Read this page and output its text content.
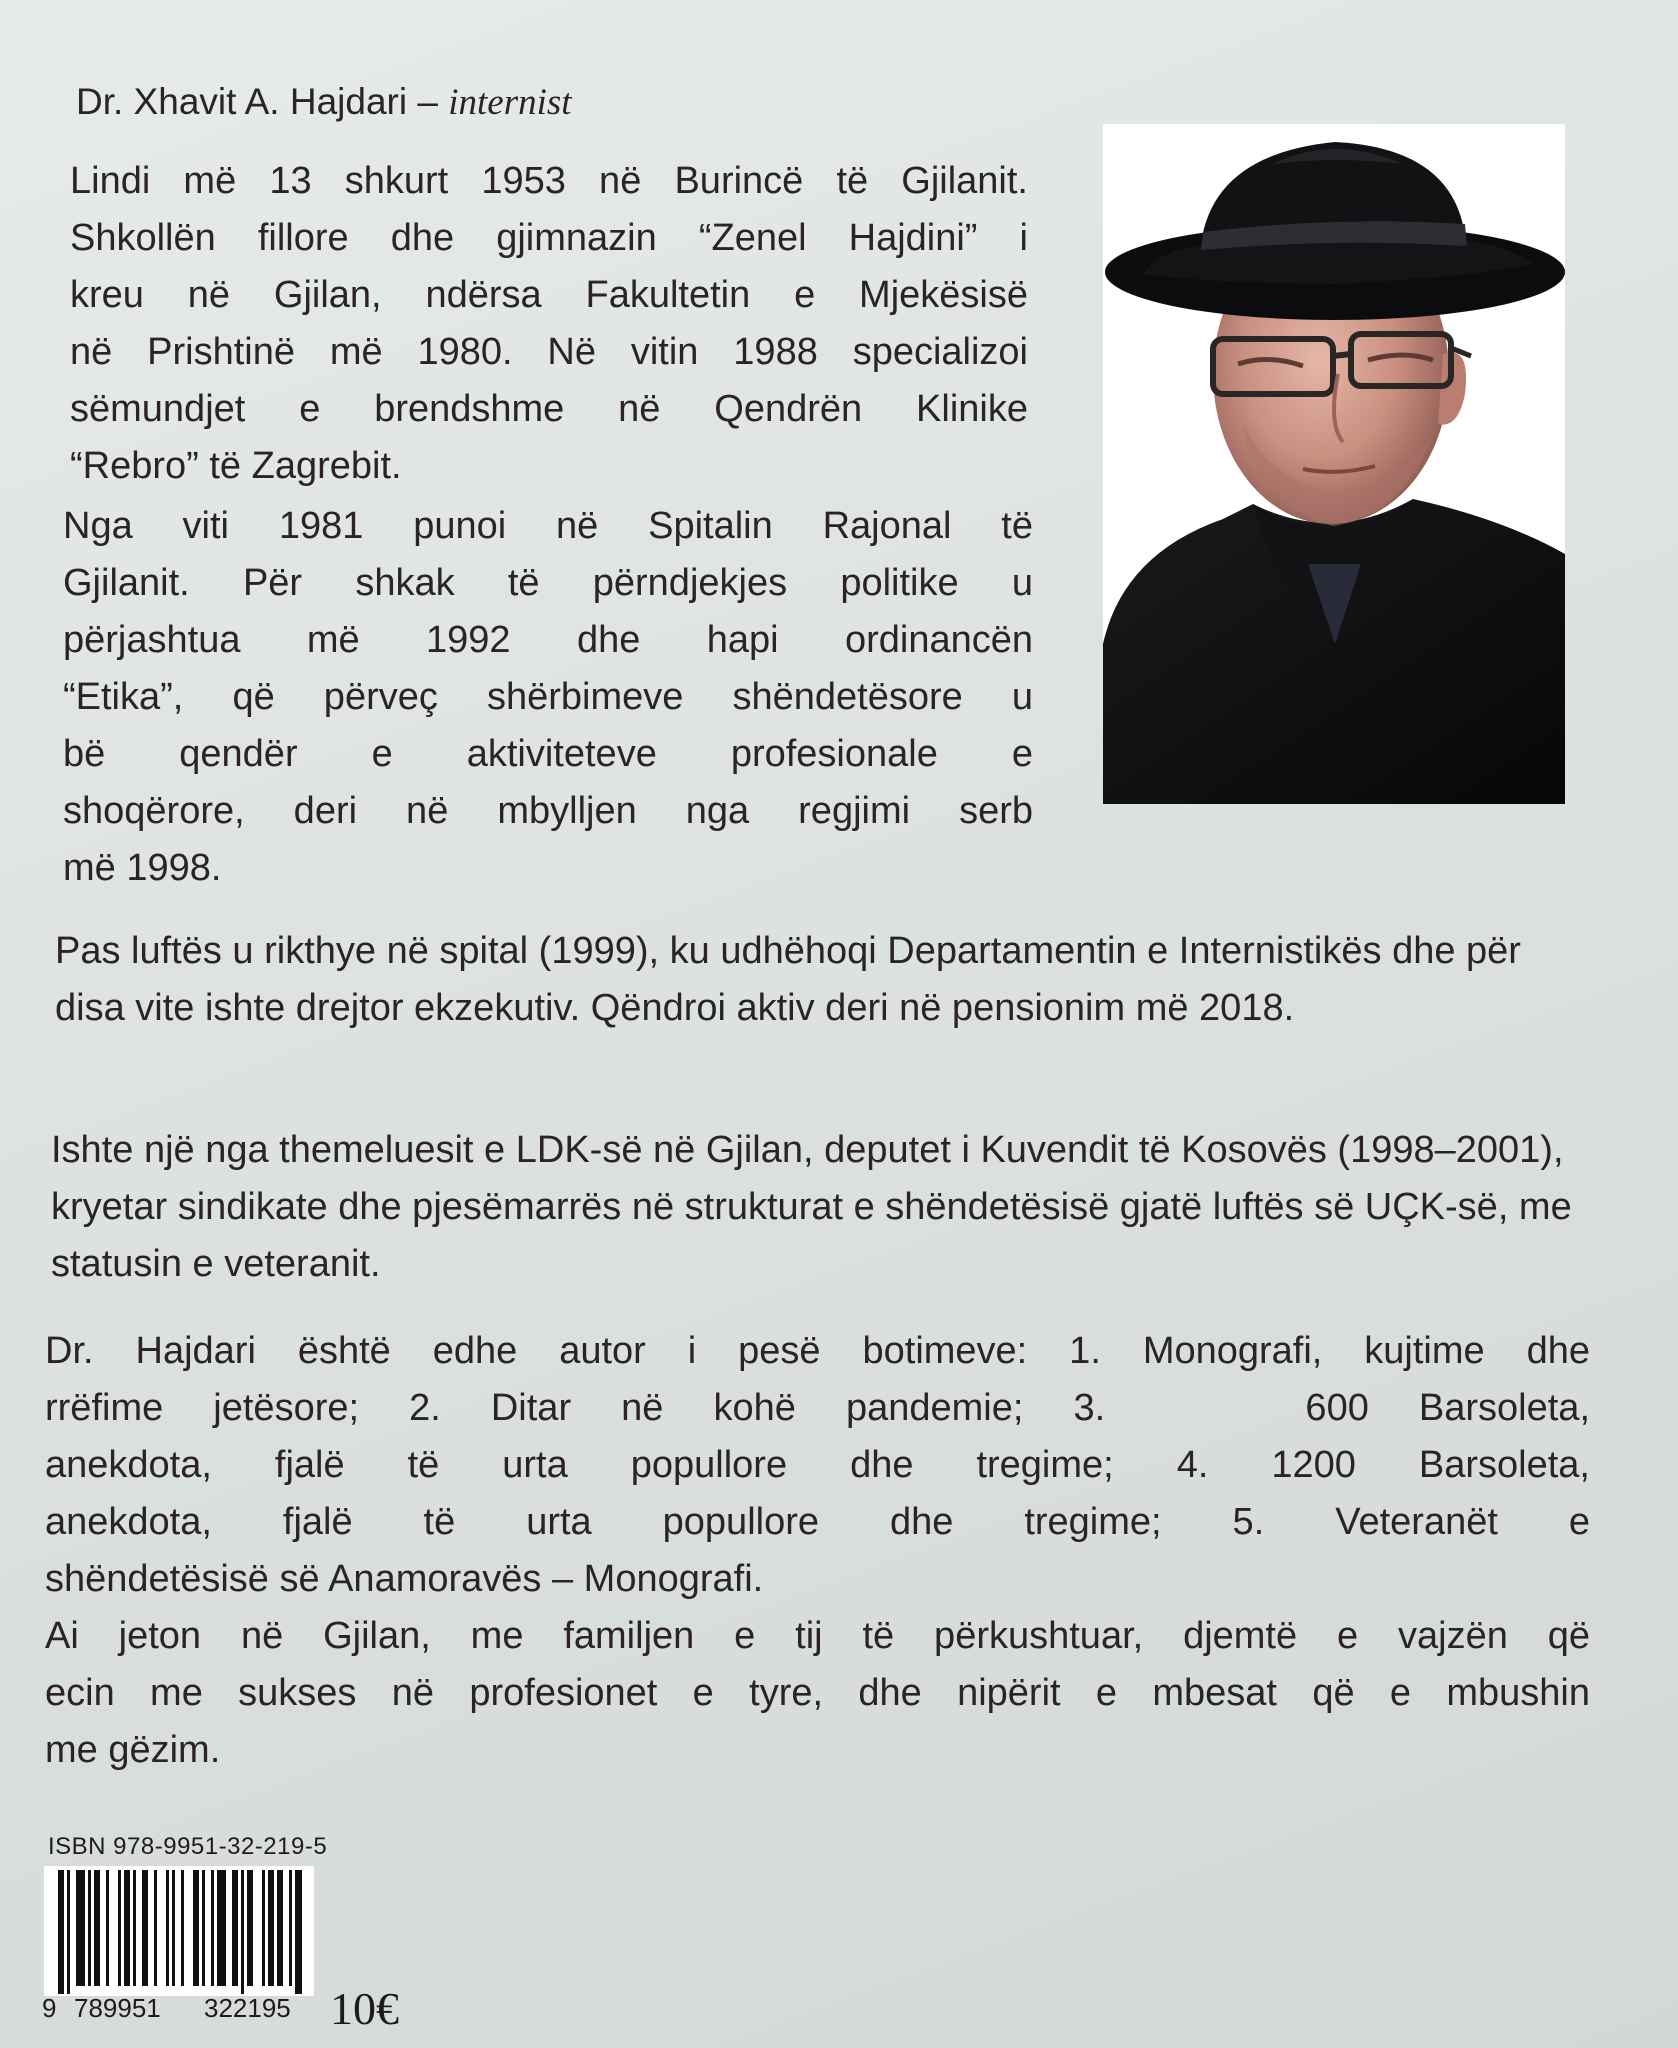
Dr. Xhavit A. Hajdari – internist

Lindi më 13 shkurt 1953 në Burincë të Gjilanit.
Shkollën fillore dhe gjimnazin “Zenel Hajdini” i
kreu në Gjilan, ndërsa Fakultetin e Mjekësisë
në Prishtinë më 1980. Në vitin 1988 specializoi
sëmundjet e brendshme në Qendrën Klinike
“Rebro” të Zagrebit.

Nga viti 1981 punoi në Spitalin Rajonal të
Gjilanit. Për shkak të përndjekjes politike u
përjashtua më 1992 dhe hapi ordinancën
“Etika”, që përveç shërbimeve shëndetësore u
bë qendër e aktiviteteve profesionale e
shoqërore, deri në mbylljen nga regjimi serb
më 1998.

Pas luftës u rikthye në spital (1999), ku udhëhoqi Departamentin e Internistikës dhe për disa vite ishte drejtor ekzekutiv. Qëndroi aktiv deri në pensionim më 2018.

Ishte një nga themeluesit e LDK-së në Gjilan, deputet i Kuvendit të Kosovës (1998–2001), kryetar sindikate dhe pjesëmarrës në strukturat e shëndetësisë gjatë luftës së UÇK-së, me statusin e veteranit.

Dr. Hajdari është edhe autor i pesë botimeve: 1. Monografi, kujtime dhe
rrëfime jetësore; 2. Ditar në kohë pandemie; 3.    600 Barsoleta,
anekdota, fjalë të urta popullore dhe tregime; 4. 1200 Barsoleta,
anekdota, fjalë të urta popullore dhe tregime; 5. Veteranët e
shëndetësisë së Anamoravës – Monografi.
Ai jeton në Gjilan, me familjen e tij të përkushtuar, djemtë e vajzën që
ecin me sukses në profesionet e tyre, dhe nipërit e mbesat që e mbushin
me gëzim.

ISBN 978-9951-32-219-5

9 789951 322195 10€
